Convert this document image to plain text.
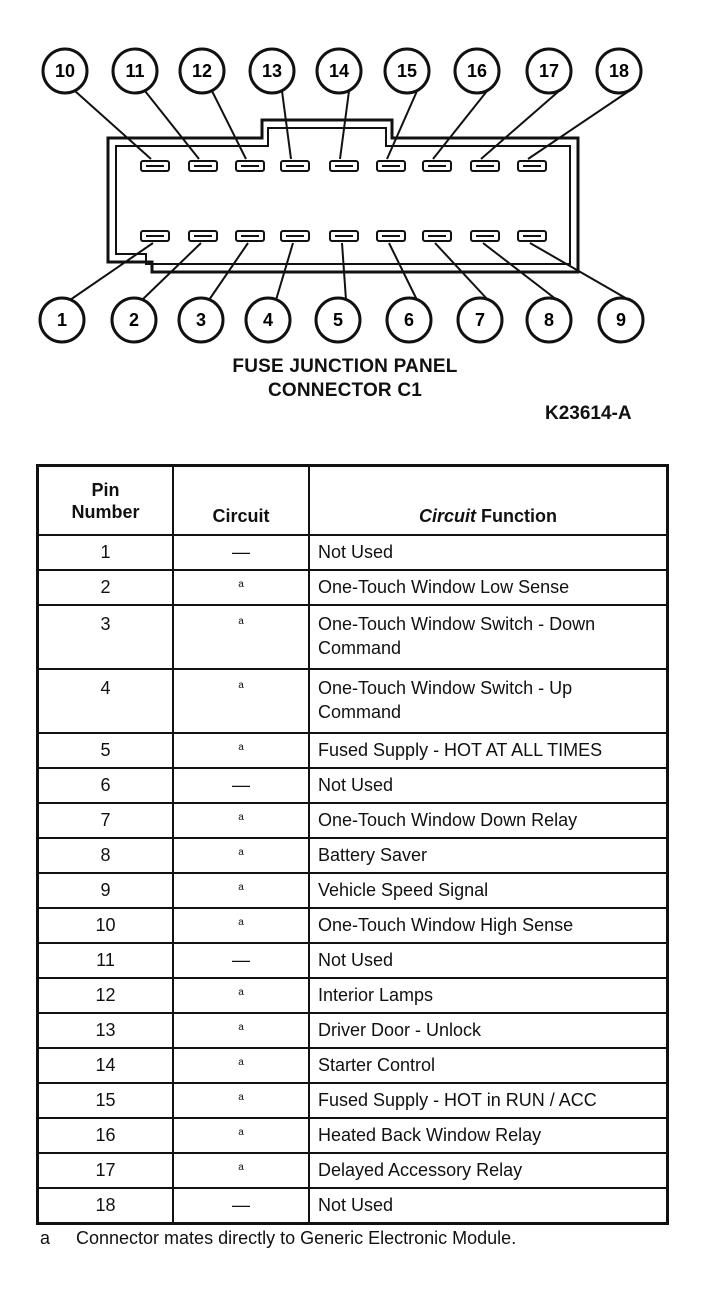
10	11	12	13	14	15	16	17	18
1	2	3	4	5	6	7	8	9
FUSE JUNCTION PANEL
CONNECTOR C1
K23614-A
Pin
Number	Circuit	Circuit Function
1	—	Not Used
2	$^a$	One-Touch Window Low Sense
3	$^a$	One-Touch Window Switch - Down Command
4	$^a$	One-Touch Window Switch - Up Command
5	$^a$	Fused Supply - HOT AT ALL TIMES
6	—	Not Used
7	$^a$	One-Touch Window Down Relay
8	$^a$	Battery Saver
9	$^a$	Vehicle Speed Signal
10	$^a$	One-Touch Window High Sense
11	—	Not Used
12	$^a$	Interior Lamps
13	$^a$	Driver Door - Unlock
14	$^a$	Starter Control
15	$^a$	Fused Supply - HOT in RUN / ACC
16	$^a$	Heated Back Window Relay
17	$^a$	Delayed Accessory Relay
18	—	Not Used
a Connector mates directly to Generic Electronic Module.
